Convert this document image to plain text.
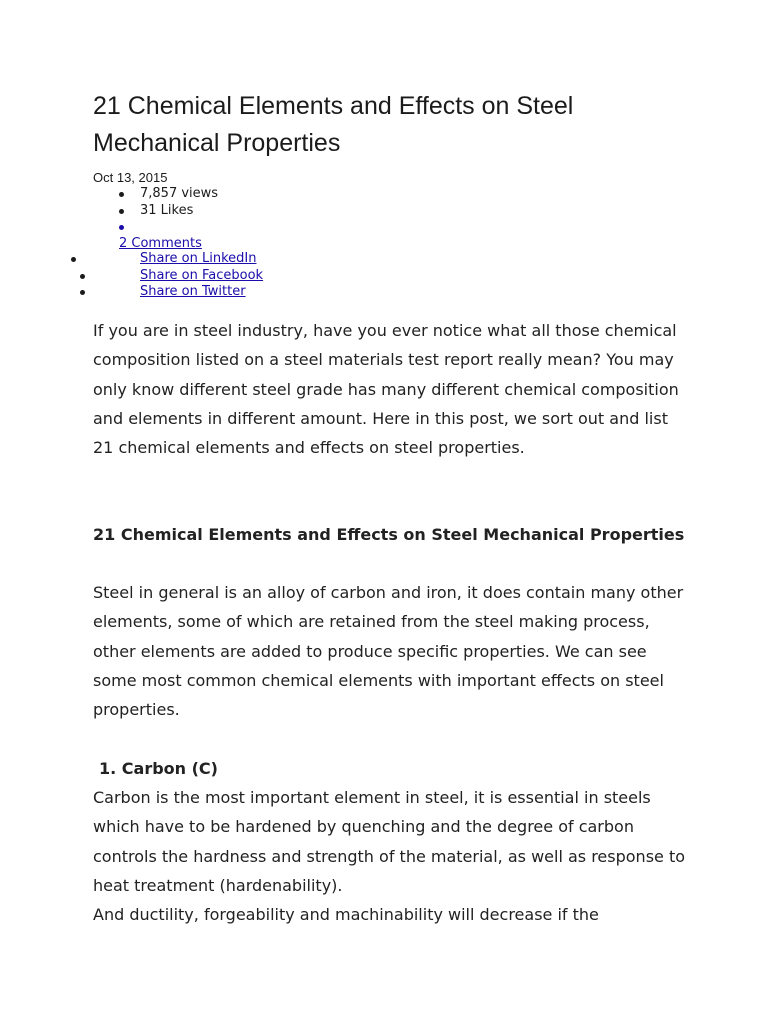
21 Chemical Elements and Effects on Steel Mechanical Properties
Oct 13, 2015
7,857 views
31 Likes
2 Comments
Share on LinkedIn
Share on Facebook
Share on Twitter

If you are in steel industry, have you ever notice what all those chemical composition listed on a steel materials test report really mean? You may only know different steel grade has many different chemical composition and elements in different amount. Here in this post, we sort out and list 21 chemical elements and effects on steel properties.

21 Chemical Elements and Effects on Steel Mechanical Properties

Steel in general is an alloy of carbon and iron, it does contain many other elements, some of which are retained from the steel making process, other elements are added to produce specific properties. We can see some most common chemical elements with important effects on steel properties.

1. Carbon (C)

Carbon is the most important element in steel, it is essential in steels which have to be hardened by quenching and the degree of carbon controls the hardness and strength of the material, as well as response to heat treatment (hardenability).

And ductility, forgeability and machinability will decrease if the
